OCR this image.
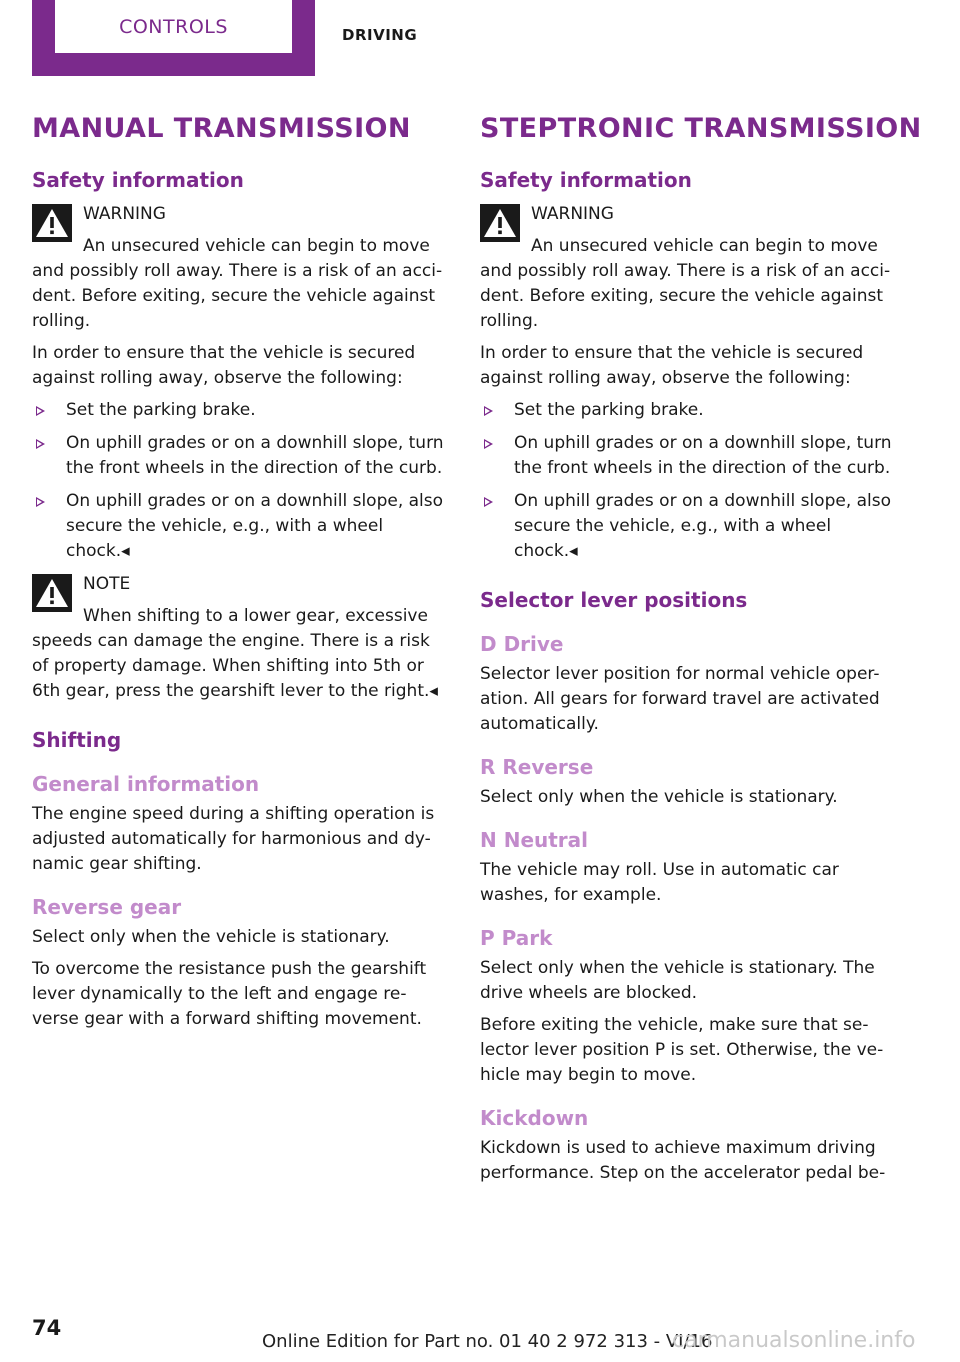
CONTROLS	DRIVING
MANUAL TRANSMISSION
Safety information
WARNING
An unsecured vehicle can begin to move and possibly roll away. There is a risk of an acci-dent. Before exiting, secure the vehicle against rolling.
In order to ensure that the vehicle is secured against rolling away, observe the following:
Set the parking brake.
On uphill grades or on a downhill slope, turn the front wheels in the direction of the curb.
On uphill grades or on a downhill slope, also secure the vehicle, e.g., with a wheel chock.◂
NOTE
When shifting to a lower gear, excessive speeds can damage the engine. There is a risk of property damage. When shifting into 5th or 6th gear, press the gearshift lever to the right.◂
Shifting
General information
The engine speed during a shifting operation is adjusted automatically for harmonious and dy-namic gear shifting.
Reverse gear
Select only when the vehicle is stationary.
To overcome the resistance push the gearshift lever dynamically to the left and engage re-verse gear with a forward shifting movement.
STEPTRONIC TRANSMISSION
Safety information
WARNING
An unsecured vehicle can begin to move and possibly roll away. There is a risk of an acci-dent. Before exiting, secure the vehicle against rolling.
In order to ensure that the vehicle is secured against rolling away, observe the following:
Set the parking brake.
On uphill grades or on a downhill slope, turn the front wheels in the direction of the curb.
On uphill grades or on a downhill slope, also secure the vehicle, e.g., with a wheel chock.◂
Selector lever positions
D Drive
Selector lever position for normal vehicle oper-ation. All gears for forward travel are activated automatically.
R Reverse
Select only when the vehicle is stationary.
N Neutral
The vehicle may roll. Use in automatic car washes, for example.
P Park
Select only when the vehicle is stationary. The drive wheels are blocked.
Before exiting the vehicle, make sure that se-lector lever position P is set. Otherwise, the ve-hicle may begin to move.
Kickdown
Kickdown is used to achieve maximum driving performance. Step on the accelerator pedal be-
74
Online Edition for Part no. 01 40 2 972 313 - VI/16
carmanualsonline.info
